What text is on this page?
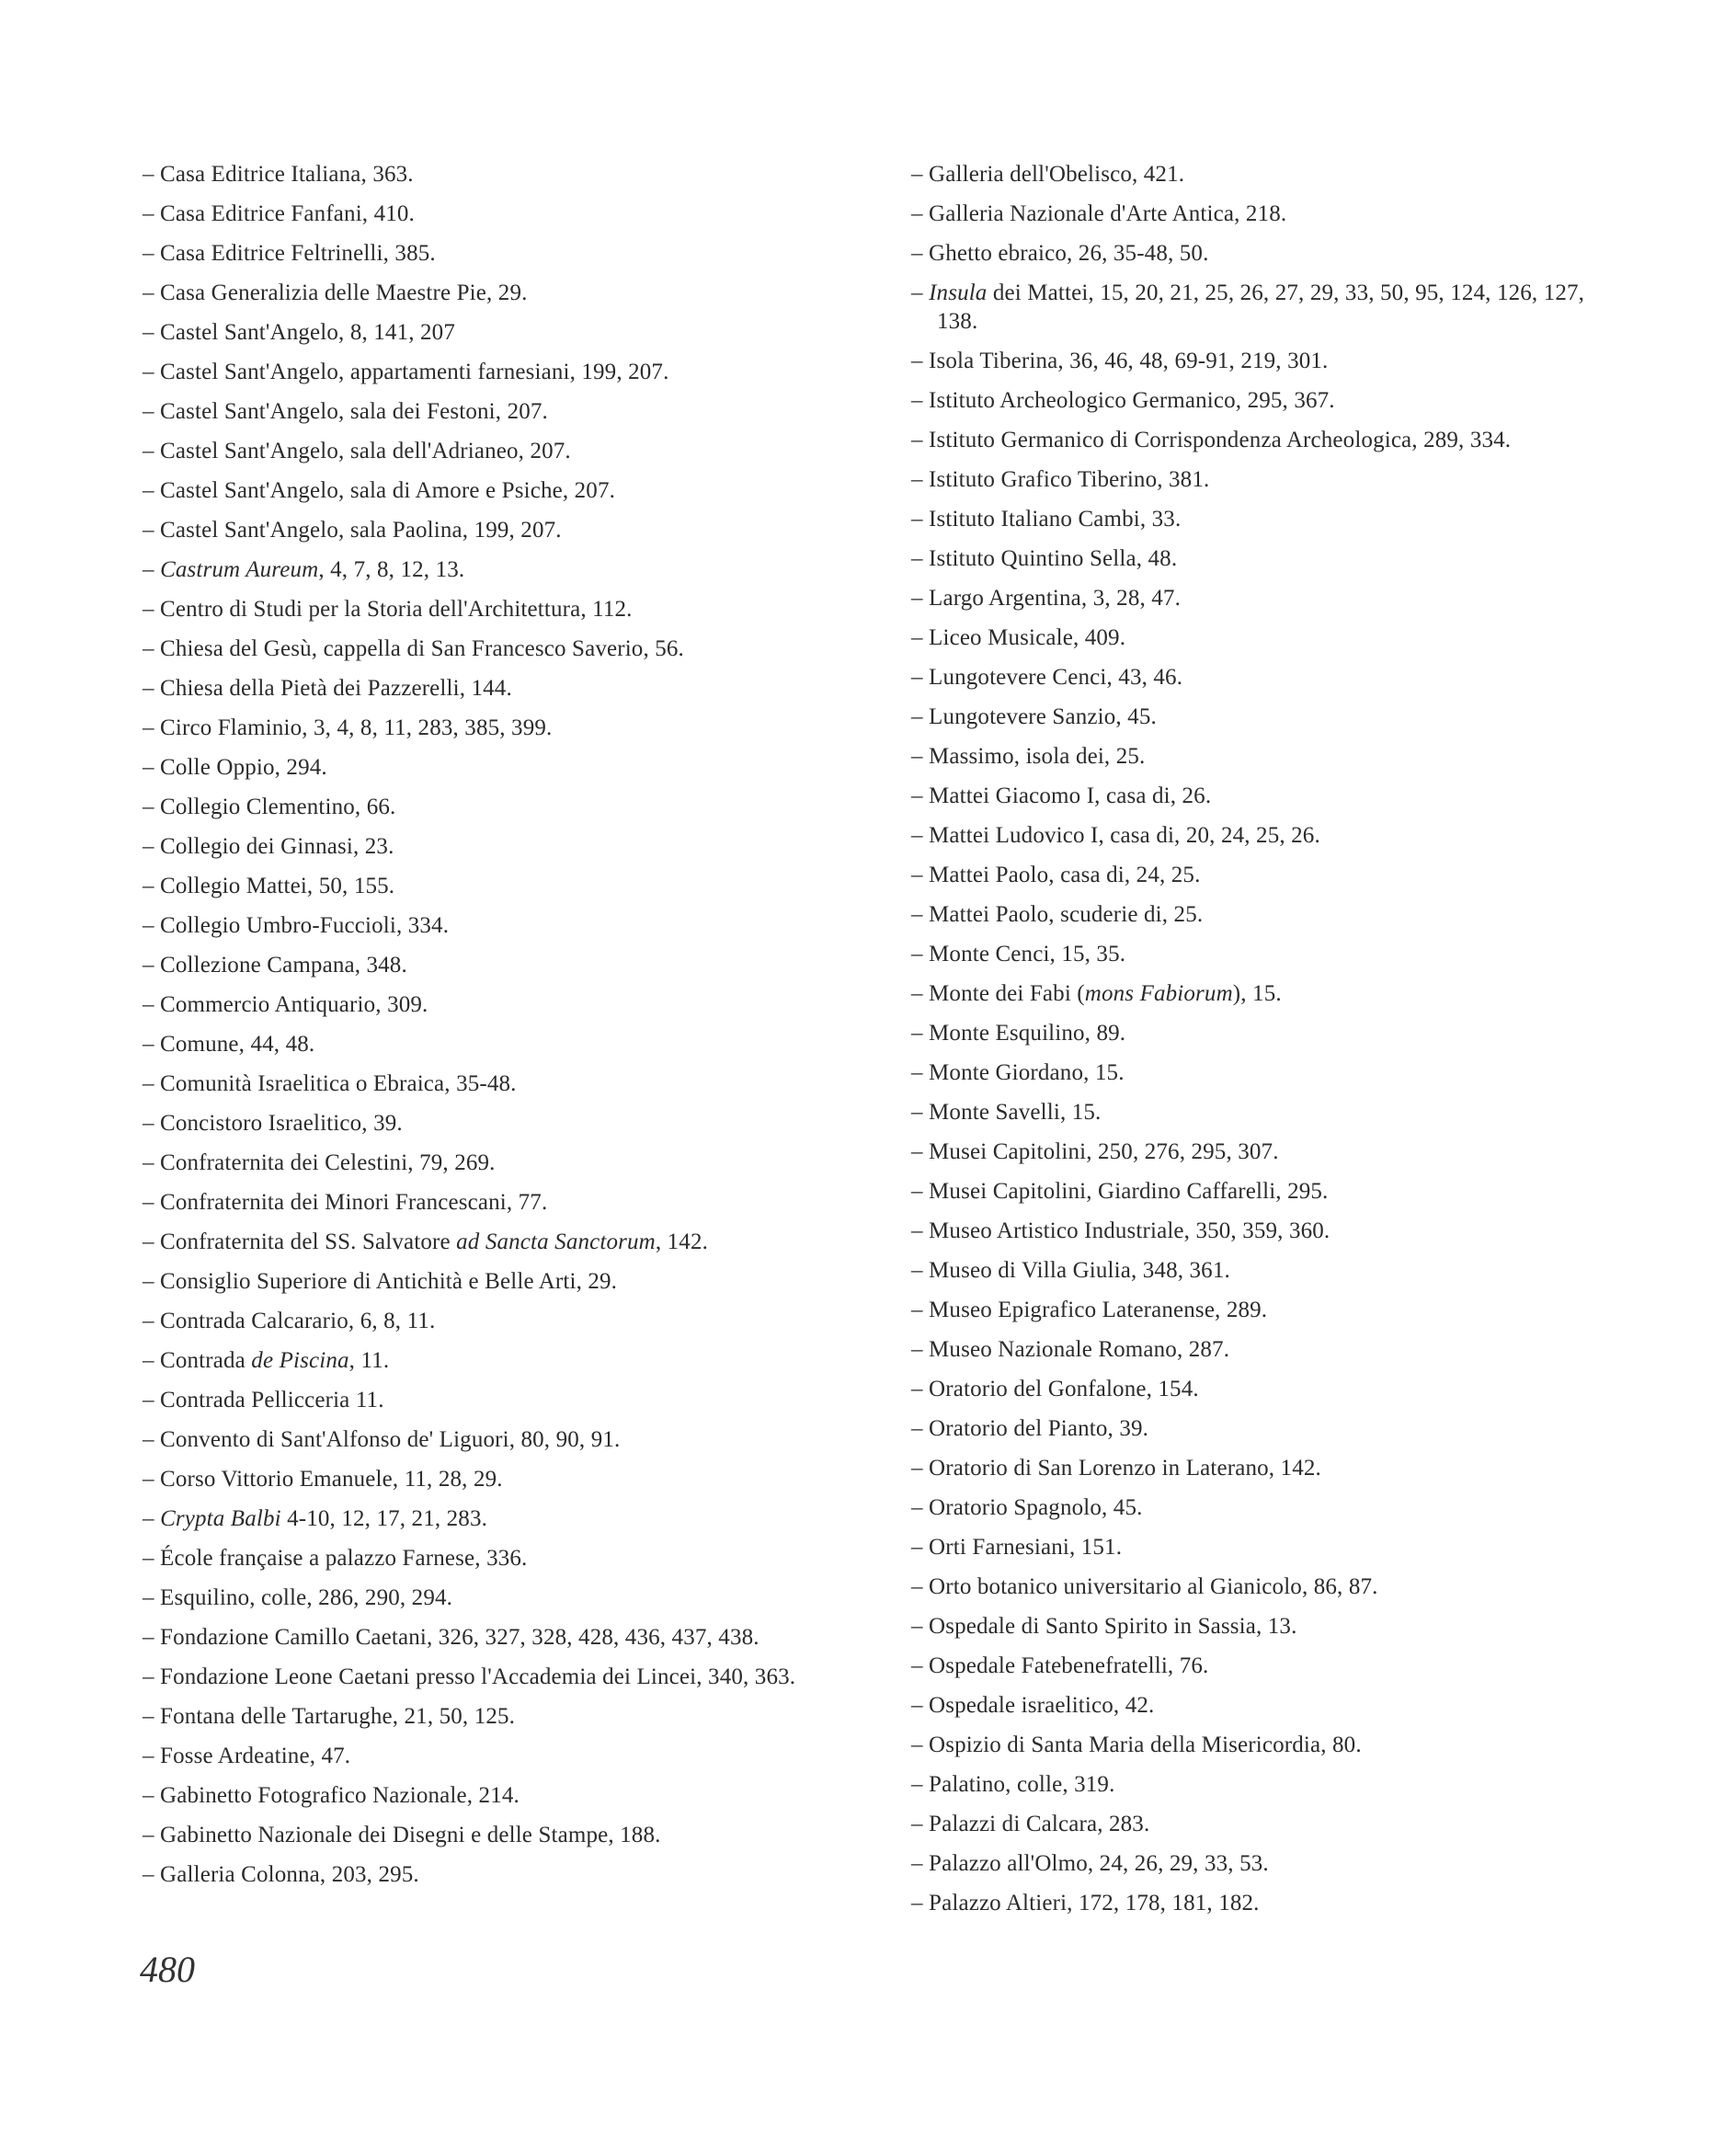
– Casa Editrice Italiana, 363.
– Casa Editrice Fanfani, 410.
– Casa Editrice Feltrinelli, 385.
– Casa Generalizia delle Maestre Pie, 29.
– Castel Sant'Angelo, 8, 141, 207
– Castel Sant'Angelo, appartamenti farnesiani, 199, 207.
– Castel Sant'Angelo, sala dei Festoni, 207.
– Castel Sant'Angelo, sala dell'Adrianeo, 207.
– Castel Sant'Angelo, sala di Amore e Psiche, 207.
– Castel Sant'Angelo, sala Paolina, 199, 207.
– Castrum Aureum, 4, 7, 8, 12, 13.
– Centro di Studi per la Storia dell'Architettura, 112.
– Chiesa del Gesù, cappella di San Francesco Saverio, 56.
– Chiesa della Pietà dei Pazzerelli, 144.
– Circo Flaminio, 3, 4, 8, 11, 283, 385, 399.
– Colle Oppio, 294.
– Collegio Clementino, 66.
– Collegio dei Ginnasi, 23.
– Collegio Mattei, 50, 155.
– Collegio Umbro-Fuccioli, 334.
– Collezione Campana, 348.
– Commercio Antiquario, 309.
– Comune, 44, 48.
– Comunità Israelitica o Ebraica, 35-48.
– Concistoro Israelitico, 39.
– Confraternita dei Celestini, 79, 269.
– Confraternita dei Minori Francescani, 77.
– Confraternita del SS. Salvatore ad Sancta Sanctorum, 142.
– Consiglio Superiore di Antichità e Belle Arti, 29.
– Contrada Calcarario, 6, 8, 11.
– Contrada de Piscina, 11.
– Contrada Pellicceria 11.
– Convento di Sant'Alfonso de' Liguori, 80, 90, 91.
– Corso Vittorio Emanuele, 11, 28, 29.
– Crypta Balbi 4-10, 12, 17, 21, 283.
– École française a palazzo Farnese, 336.
– Esquilino, colle, 286, 290, 294.
– Fondazione Camillo Caetani, 326, 327, 328, 428, 436, 437, 438.
– Fondazione Leone Caetani presso l'Accademia dei Lincei, 340, 363.
– Fontana delle Tartarughe, 21, 50, 125.
– Fosse Ardeatine, 47.
– Gabinetto Fotografico Nazionale, 214.
– Gabinetto Nazionale dei Disegni e delle Stampe, 188.
– Galleria Colonna, 203, 295.
– Galleria dell'Obelisco, 421.
– Galleria Nazionale d'Arte Antica, 218.
– Ghetto ebraico, 26, 35-48, 50.
– Insula dei Mattei, 15, 20, 21, 25, 26, 27, 29, 33, 50, 95, 124, 126, 127, 138.
– Isola Tiberina, 36, 46, 48, 69-91, 219, 301.
– Istituto Archeologico Germanico, 295, 367.
– Istituto Germanico di Corrispondenza Archeologica, 289, 334.
– Istituto Grafico Tiberino, 381.
– Istituto Italiano Cambi, 33.
– Istituto Quintino Sella, 48.
– Largo Argentina, 3, 28, 47.
– Liceo Musicale, 409.
– Lungotevere Cenci, 43, 46.
– Lungotevere Sanzio, 45.
– Massimo, isola dei, 25.
– Mattei Giacomo I, casa di, 26.
– Mattei Ludovico I, casa di, 20, 24, 25, 26.
– Mattei Paolo, casa di, 24, 25.
– Mattei Paolo, scuderie di, 25.
– Monte Cenci, 15, 35.
– Monte dei Fabi (mons Fabiorum), 15.
– Monte Esquilino, 89.
– Monte Giordano, 15.
– Monte Savelli, 15.
– Musei Capitolini, 250, 276, 295, 307.
– Musei Capitolini, Giardino Caffarelli, 295.
– Museo Artistico Industriale, 350, 359, 360.
– Museo di Villa Giulia, 348, 361.
– Museo Epigrafico Lateranense, 289.
– Museo Nazionale Romano, 287.
– Oratorio del Gonfalone, 154.
– Oratorio del Pianto, 39.
– Oratorio di San Lorenzo in Laterano, 142.
– Oratorio Spagnolo, 45.
– Orti Farnesiani, 151.
– Orto botanico universitario al Gianicolo, 86, 87.
– Ospedale di Santo Spirito in Sassia, 13.
– Ospedale Fatebenefratelli, 76.
– Ospedale israelitico, 42.
– Ospizio di Santa Maria della Misericordia, 80.
– Palatino, colle, 319.
– Palazzi di Calcara, 283.
– Palazzo all'Olmo, 24, 26, 29, 33, 53.
– Palazzo Altieri, 172, 178, 181, 182.
480
